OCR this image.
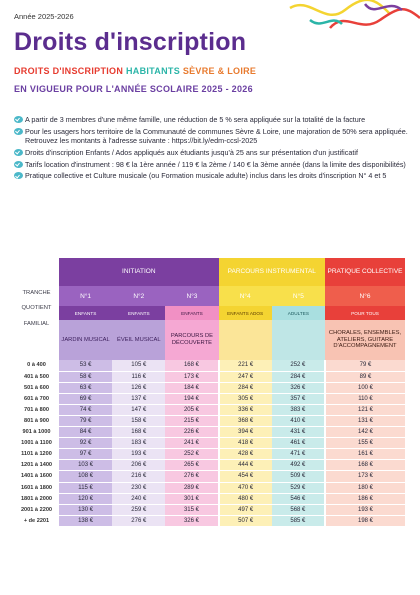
Année 2025-2026
Droits d'inscription
DROITS D'INSCRIPTION HABITANTS SÈVRE & LOIRE
EN VIGUEUR POUR L'ANNÉE SCOLAIRE 2025 - 2026
A partir de 3 membres d'une même famille, une réduction de 5 % sera appliquée sur la totalité de la facture
Pour les usagers hors territoire de la Communauté de communes Sèvre & Loire, une majoration de 50% sera appliquée. Retrouvez les montants à l'adresse suivante : https://bit.ly/edm-ccsl-2025
Droits d'inscription Enfants / Ados appliqués aux étudiants jusqu'à 25 ans sur présentation d'un justificatif
Tarifs location d'instrument : 98 € la 1ère année / 119 € la 2ème / 140 € la 3ème année (dans la limite des disponibilités)
Pratique collective et Culture musicale (ou Formation musicale adulte) inclus dans les droits d'inscription N° 4 et 5
TRANCHE
QUOTIENT
FAMILIAL	INITIATION			PARCOURS INSTRUMENTAL		PRATIQUE COLLECTIVE
	N°1	N°2	N°3	N°4	N°5	N°6
	ENFANTS	ENFANTS	ENFANTS	ENFANTS ADOS	ADULTES	POUR TOUS
	JARDIN MUSICAL	ÉVEIL MUSICAL	PARCOURS DE DÉCOUVERTE			CHORALES, ENSEMBLES, ATELIERS, GUITARE D'ACCOMPAGNEMENT
0 à 400	53 €	105 €	168 €	221 €	252 €	79 €
401 à 500	58 €	116 €	173 €	247 €	284 €	89 €
501 à 600	63 €	126 €	184 €	284 €	326 €	100 €
601 à 700	69 €	137 €	194 €	305 €	357 €	110 €
701 à 800	74 €	147 €	205 €	336 €	383 €	121 €
801 à 900	79 €	158 €	215 €	368 €	410 €	131 €
901 à 1000	84 €	168 €	226 €	394 €	431 €	142 €
1001 à 1100	92 €	183 €	241 €	418 €	461 €	155 €
1101 à 1200	97 €	193 €	252 €	428 €	471 €	161 €
1201 à 1400	103 €	206 €	265 €	444 €	492 €	168 €
1401 à 1600	108 €	216 €	276 €	454 €	509 €	173 €
1601 à 1800	115 €	230 €	289 €	470 €	529 €	180 €
1801 à 2000	120 €	240 €	301 €	480 €	546 €	186 €
2001 à 2200	130 €	259 €	315 €	497 €	568 €	193 €
+ de 2201	138 €	276 €	326 €	507 €	585 €	198 €
